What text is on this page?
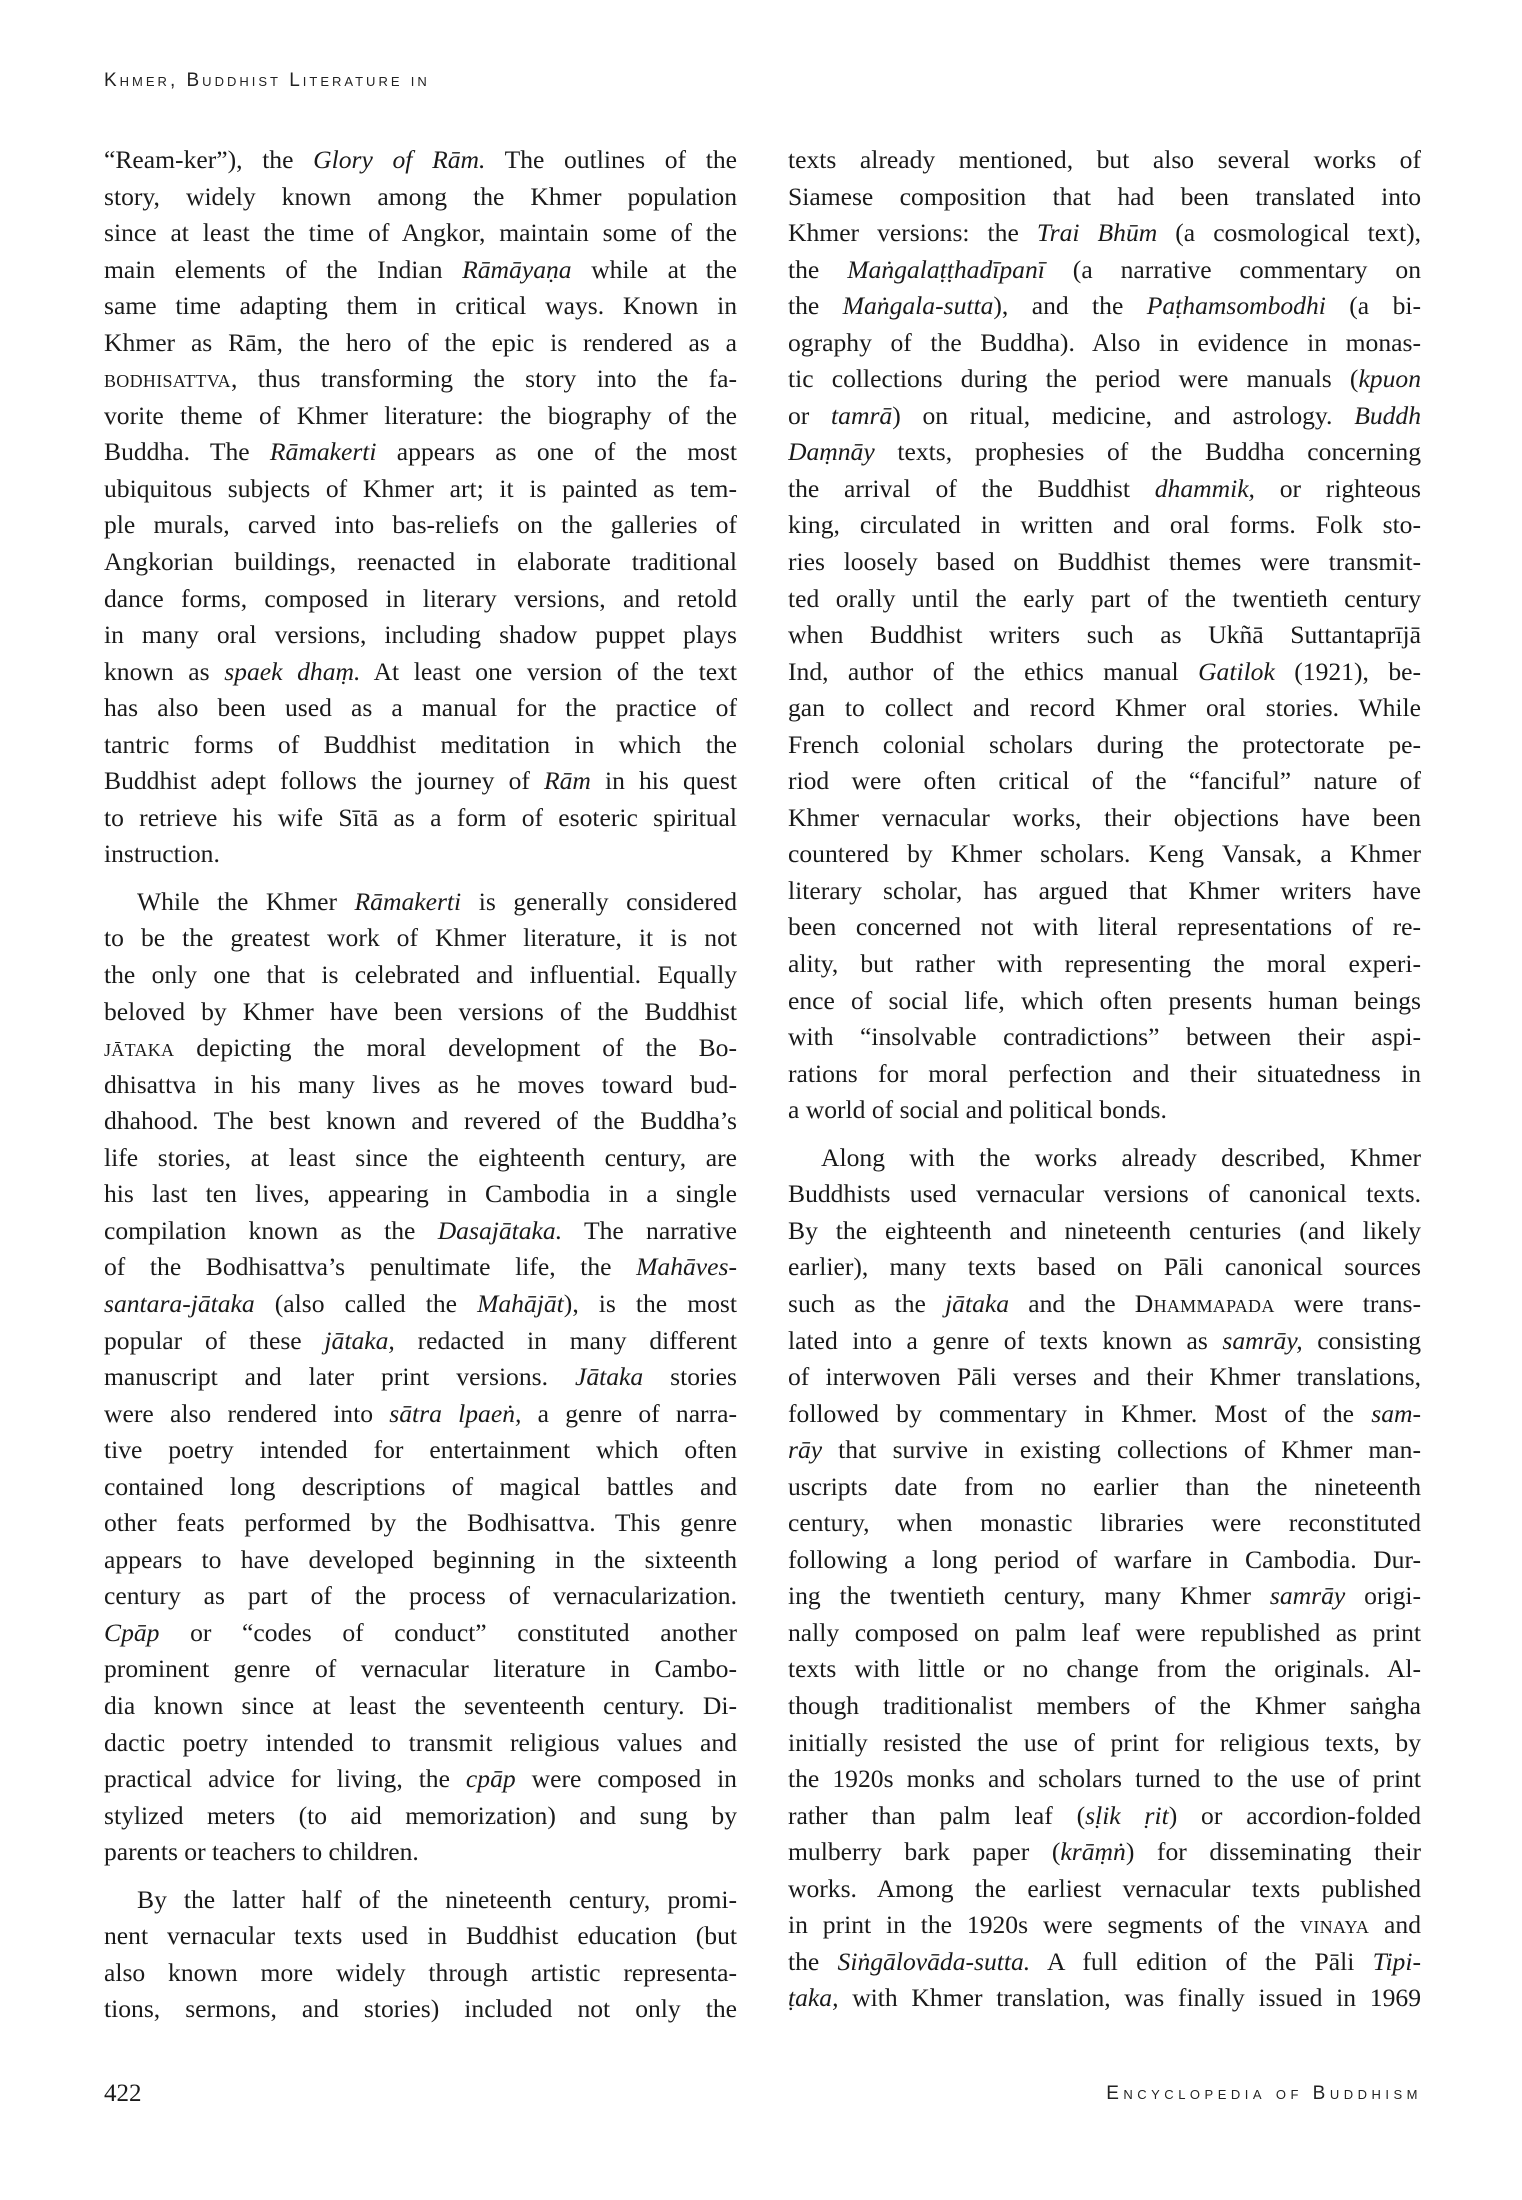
Khmer, Buddhist Literature in
“Ream-ker”), the Glory of Rām. The outlines of the
story, widely known among the Khmer population
since at least the time of Angkor, maintain some of the
main elements of the Indian Rāmāyaṇa while at the
same time adapting them in critical ways. Known in
Khmer as Rām, the hero of the epic is rendered as a
bodhisattva, thus transforming the story into the fa-
vorite theme of Khmer literature: the biography of the
Buddha. The Rāmakerti appears as one of the most
ubiquitous subjects of Khmer art; it is painted as tem-
ple murals, carved into bas-reliefs on the galleries of
Angkorian buildings, reenacted in elaborate traditional
dance forms, composed in literary versions, and retold
in many oral versions, including shadow puppet plays
known as spaek dhaṃ. At least one version of the text
has also been used as a manual for the practice of
tantric forms of Buddhist meditation in which the
Buddhist adept follows the journey of Rām in his quest
to retrieve his wife Sītā as a form of esoteric spiritual
instruction.
While the Khmer Rāmakerti is generally considered
to be the greatest work of Khmer literature, it is not
the only one that is celebrated and influential. Equally
beloved by Khmer have been versions of the Buddhist
jātaka depicting the moral development of the Bo-
dhisattva in his many lives as he moves toward bud-
dhahood. The best known and revered of the Buddha’s
life stories, at least since the eighteenth century, are
his last ten lives, appearing in Cambodia in a single
compilation known as the Dasajātaka. The narrative
of the Bodhisattva’s penultimate life, the Mahāves-
santara-jātaka (also called the Mahājāt), is the most
popular of these jātaka, redacted in many different
manuscript and later print versions. Jātaka stories
were also rendered into sātra lpaeṅ, a genre of narra-
tive poetry intended for entertainment which often
contained long descriptions of magical battles and
other feats performed by the Bodhisattva. This genre
appears to have developed beginning in the sixteenth
century as part of the process of vernacularization.
Cpāp or “codes of conduct” constituted another
prominent genre of vernacular literature in Cambo-
dia known since at least the seventeenth century. Di-
dactic poetry intended to transmit religious values and
practical advice for living, the cpāp were composed in
stylized meters (to aid memorization) and sung by
parents or teachers to children.
By the latter half of the nineteenth century, promi-
nent vernacular texts used in Buddhist education (but
also known more widely through artistic representa-
tions, sermons, and stories) included not only the
texts already mentioned, but also several works of
Siamese composition that had been translated into
Khmer versions: the Trai Bhūm (a cosmological text),
the Maṅgalaṭṭhadīpanī (a narrative commentary on
the Maṅgala-sutta), and the Paṭhamsombodhi (a bi-
ography of the Buddha). Also in evidence in monas-
tic collections during the period were manuals (kpuon
or tamrā) on ritual, medicine, and astrology. Buddh
Daṃnāy texts, prophesies of the Buddha concerning
the arrival of the Buddhist dhammik, or righteous
king, circulated in written and oral forms. Folk sto-
ries loosely based on Buddhist themes were transmit-
ted orally until the early part of the twentieth century
when Buddhist writers such as Ukñā Suttantaprījā
Ind, author of the ethics manual Gatilok (1921), be-
gan to collect and record Khmer oral stories. While
French colonial scholars during the protectorate pe-
riod were often critical of the “fanciful” nature of
Khmer vernacular works, their objections have been
countered by Khmer scholars. Keng Vansak, a Khmer
literary scholar, has argued that Khmer writers have
been concerned not with literal representations of re-
ality, but rather with representing the moral experi-
ence of social life, which often presents human beings
with “insolvable contradictions” between their aspi-
rations for moral perfection and their situatedness in
a world of social and political bonds.
Along with the works already described, Khmer
Buddhists used vernacular versions of canonical texts.
By the eighteenth and nineteenth centuries (and likely
earlier), many texts based on Pāli canonical sources
such as the jātaka and the Dhammapada were trans-
lated into a genre of texts known as samrāy, consisting
of interwoven Pāli verses and their Khmer translations,
followed by commentary in Khmer. Most of the sam-
rāy that survive in existing collections of Khmer man-
uscripts date from no earlier than the nineteenth
century, when monastic libraries were reconstituted
following a long period of warfare in Cambodia. Dur-
ing the twentieth century, many Khmer samrāy origi-
nally composed on palm leaf were republished as print
texts with little or no change from the originals. Al-
though traditionalist members of the Khmer saṅgha
initially resisted the use of print for religious texts, by
the 1920s monks and scholars turned to the use of print
rather than palm leaf (sḷik ṛit) or accordion-folded
mulberry bark paper (krāṃṅ) for disseminating their
works. Among the earliest vernacular texts published
in print in the 1920s were segments of the vinaya and
the Siṅgālovāda-sutta. A full edition of the Pāli Tipi-
ṭaka, with Khmer translation, was finally issued in 1969
422	Encyclopedia of Buddhism
